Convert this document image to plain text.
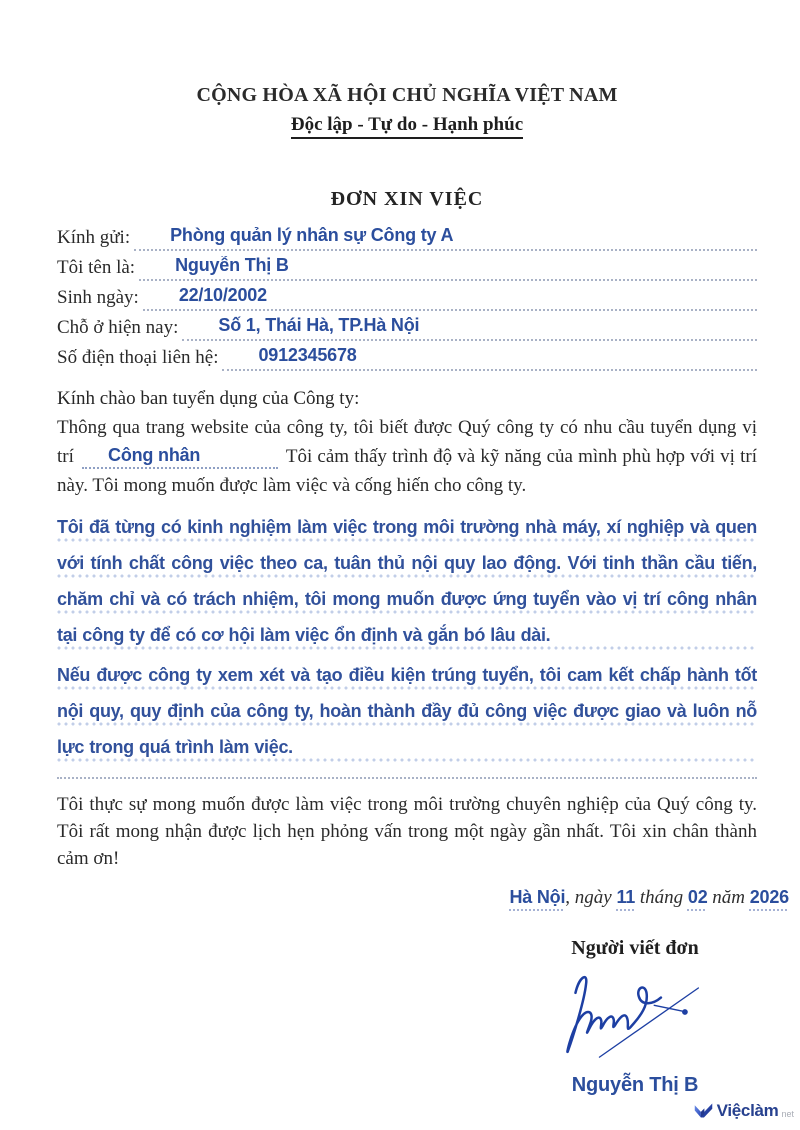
CỘNG HÒA XÃ HỘI CHỦ NGHĨA VIỆT NAM
Độc lập - Tự do - Hạnh phúc
ĐƠN XIN VIỆC
Kính gửi:	Phòng quản lý nhân sự Công ty A
Tôi tên là:	Nguyễn Thị B
Sinh ngày:	22/10/2002
Chỗ ở hiện nay:	Số 1, Thái Hà, TP.Hà Nội
Số điện thoại liên hệ:	0912345678

Kính chào ban tuyển dụng của Công ty:

Thông qua trang website của công ty, tôi biết được Quý công ty có nhu cầu tuyển dụng vị trí Công nhân	Tôi cảm thấy trình độ và kỹ năng của mình phù hợp với vị trí này. Tôi mong muốn được làm việc và cống hiến cho công ty.

Tôi đã từng có kinh nghiệm làm việc trong môi trường nhà máy, xí nghiệp và quen với tính chất công việc theo ca, tuân thủ nội quy lao động. Với tinh thần cầu tiến, chăm chỉ và có trách nhiệm, tôi mong muốn được ứng tuyển vào vị trí công nhân tại công ty để có cơ hội làm việc ổn định và gắn bó lâu dài.

Nếu được công ty xem xét và tạo điều kiện trúng tuyển, tôi cam kết chấp hành tốt nội quy, quy định của công ty, hoàn thành đầy đủ công việc được giao và luôn nỗ lực trong quá trình làm việc.

Tôi thực sự mong muốn được làm việc trong môi trường chuyên nghiệp của Quý công ty. Tôi rất mong nhận được lịch hẹn phỏng vấn trong một ngày gần nhất. Tôi xin chân thành cảm ơn!

Hà Nội, ngày 11 tháng 02 năm 2026
Người viết đơn
Nguyễn Thị B
Việclàm net
